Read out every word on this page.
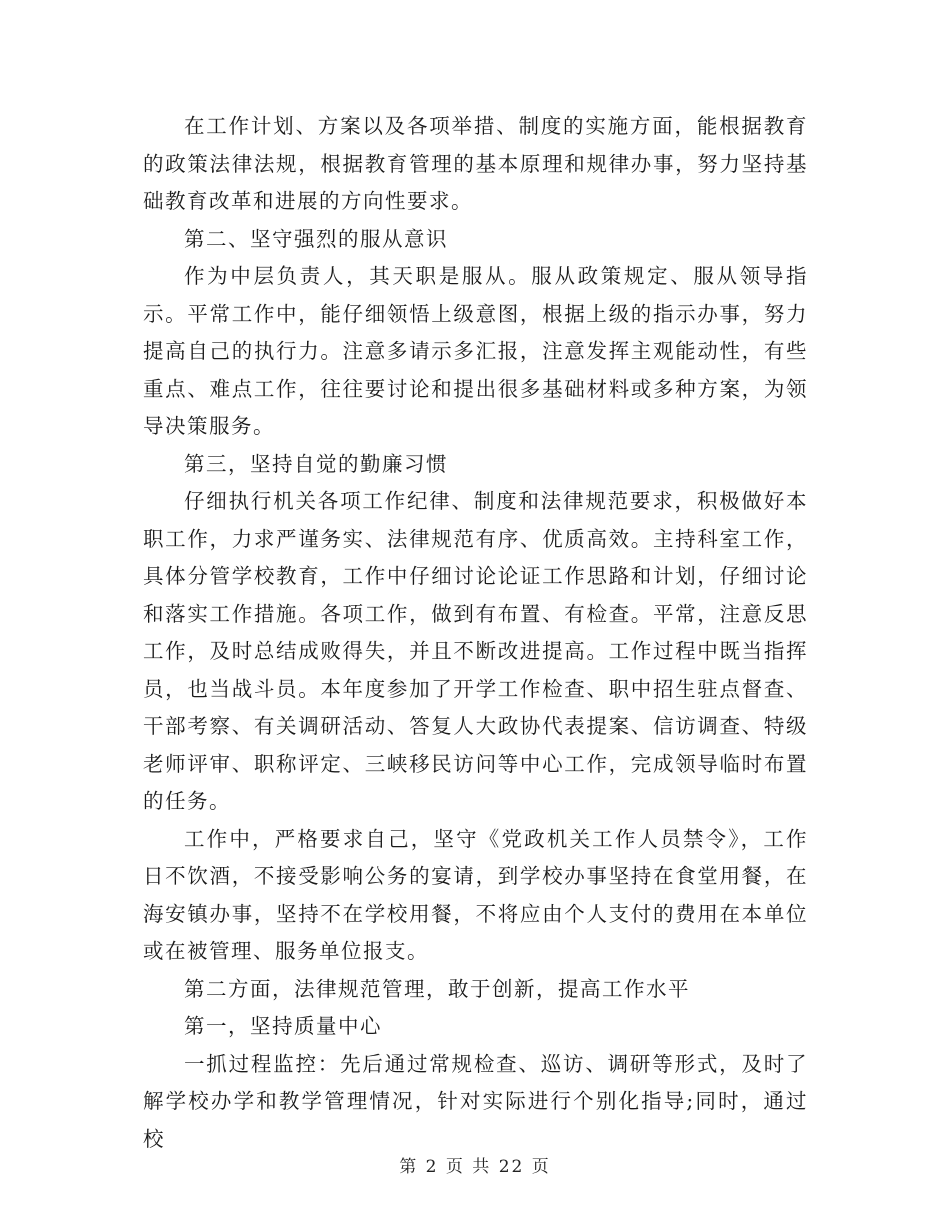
在工作计划、方案以及各项举措、制度的实施方面，能根据教育的政策法律法规，根据教育管理的基本原理和规律办事，努力坚持基础教育改革和进展的方向性要求。

第二、坚守强烈的服从意识

作为中层负责人，其天职是服从。服从政策规定、服从领导指示。平常工作中，能仔细领悟上级意图，根据上级的指示办事，努力提高自己的执行力。注意多请示多汇报，注意发挥主观能动性，有些重点、难点工作，往往要讨论和提出很多基础材料或多种方案，为领导决策服务。

第三，坚持自觉的勤廉习惯

仔细执行机关各项工作纪律、制度和法律规范要求，积极做好本职工作，力求严谨务实、法律规范有序、优质高效。主持科室工作，具体分管学校教育，工作中仔细讨论论证工作思路和计划，仔细讨论和落实工作措施。各项工作，做到有布置、有检查。平常，注意反思工作，及时总结成败得失，并且不断改进提高。工作过程中既当指挥员，也当战斗员。本年度参加了开学工作检查、职中招生驻点督查、干部考察、有关调研活动、答复人大政协代表提案、信访调查、特级老师评审、职称评定、三峡移民访问等中心工作，完成领导临时布置的任务。

工作中，严格要求自己，坚守《党政机关工作人员禁令》，工作日不饮酒，不接受影响公务的宴请，到学校办事坚持在食堂用餐，在海安镇办事，坚持不在学校用餐，不将应由个人支付的费用在本单位或在被管理、服务单位报支。

第二方面，法律规范管理，敢于创新，提高工作水平

第一，坚持质量中心

一抓过程监控：先后通过常规检查、巡访、调研等形式，及时了解学校办学和教学管理情况，针对实际进行个别化指导;同时，通过校

第 2 页 共 22 页
